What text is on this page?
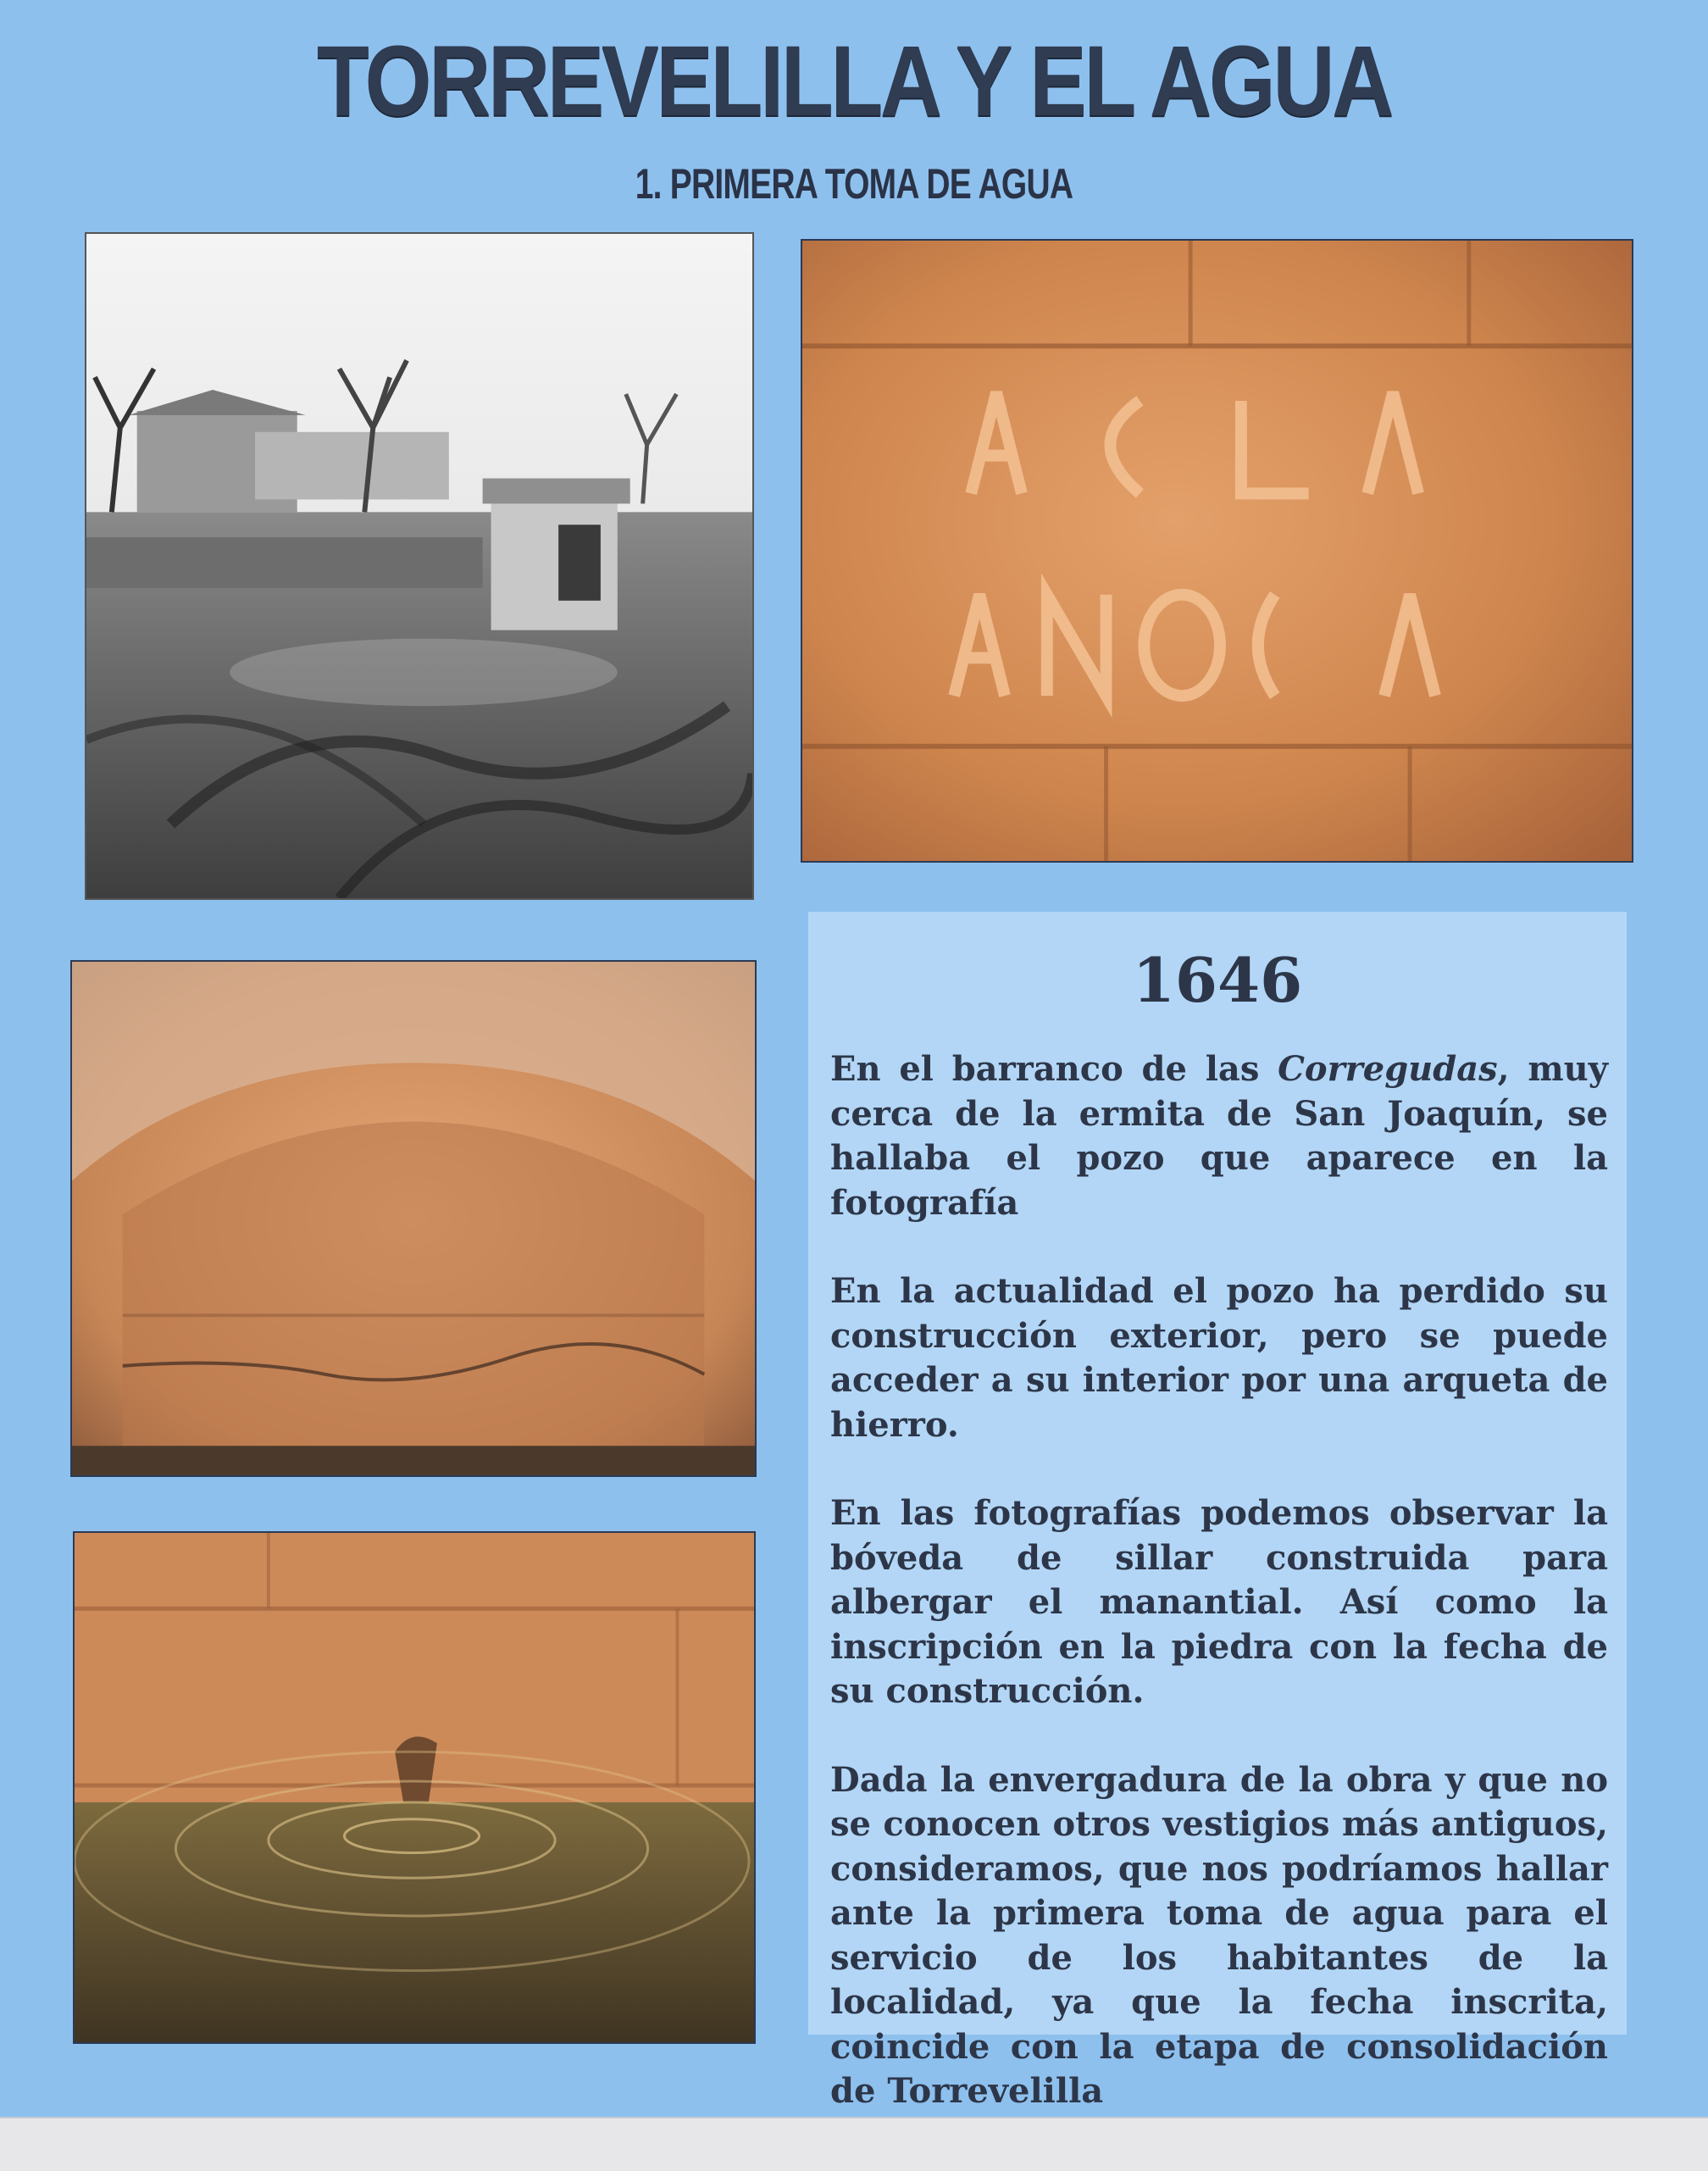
TORREVELILLA Y EL AGUA
1. PRIMERA TOMA DE AGUA
1646

En el barranco de las Corregudas, muy cerca de la ermita de San Joaquín, se hallaba el pozo que aparece en la fotografía

En la actualidad el pozo ha perdido su construcción exterior, pero se puede acceder a su interior por una arqueta de hierro.

En las fotografías podemos observar la bóveda de sillar construida para albergar el manantial. Así como la inscripción en la piedra con la fecha de su construcción.

Dada la envergadura de la obra y que no se conocen otros vestigios más antiguos, consideramos, que nos podríamos hallar ante la primera toma de agua para el servicio de los habitantes de la localidad, ya que la fecha inscrita, coincide con la etapa de consolidación de Torrevelilla
